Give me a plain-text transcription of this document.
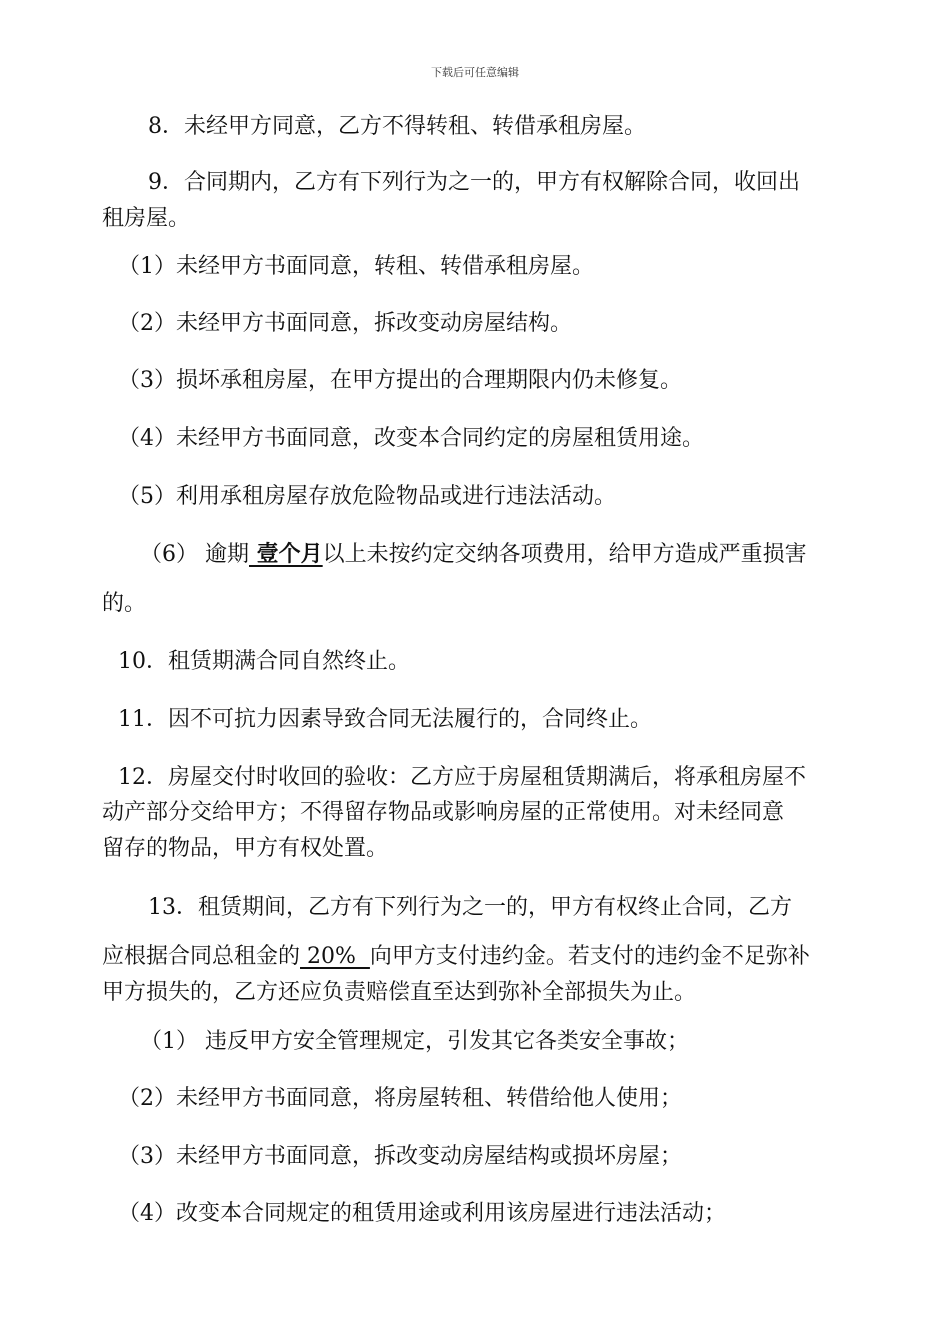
下载后可任意编辑
8．未经甲方同意，乙方不得转租、转借承租房屋。
9．合同期内，乙方有下列行为之一的，甲方有权解除合同，收回出
租房屋。
（1）未经甲方书面同意，转租、转借承租房屋。
（2）未经甲方书面同意，拆改变动房屋结构。
（3）损坏承租房屋，在甲方提出的合理期限内仍未修复。
（4）未经甲方书面同意，改变本合同约定的房屋租赁用途。
（5）利用承租房屋存放危险物品或进行违法活动。
（6） 逾期 壹个月以上未按约定交纳各项费用，给甲方造成严重损害
的。
10．租赁期满合同自然终止。
11．因不可抗力因素导致合同无法履行的，合同终止。
12．房屋交付时收回的验收：乙方应于房屋租赁期满后，将承租房屋不
动产部分交给甲方；不得留存物品或影响房屋的正常使用。对未经同意
留存的物品，甲方有权处置。
13．租赁期间，乙方有下列行为之一的，甲方有权终止合同，乙方
应根据合同总租金的 20%  向甲方支付违约金。若支付的违约金不足弥补
甲方损失的，乙方还应负责赔偿直至达到弥补全部损失为止。
（1） 违反甲方安全管理规定，引发其它各类安全事故；
（2）未经甲方书面同意，将房屋转租、转借给他人使用；
（3）未经甲方书面同意，拆改变动房屋结构或损坏房屋；
（4）改变本合同规定的租赁用途或利用该房屋进行违法活动；
